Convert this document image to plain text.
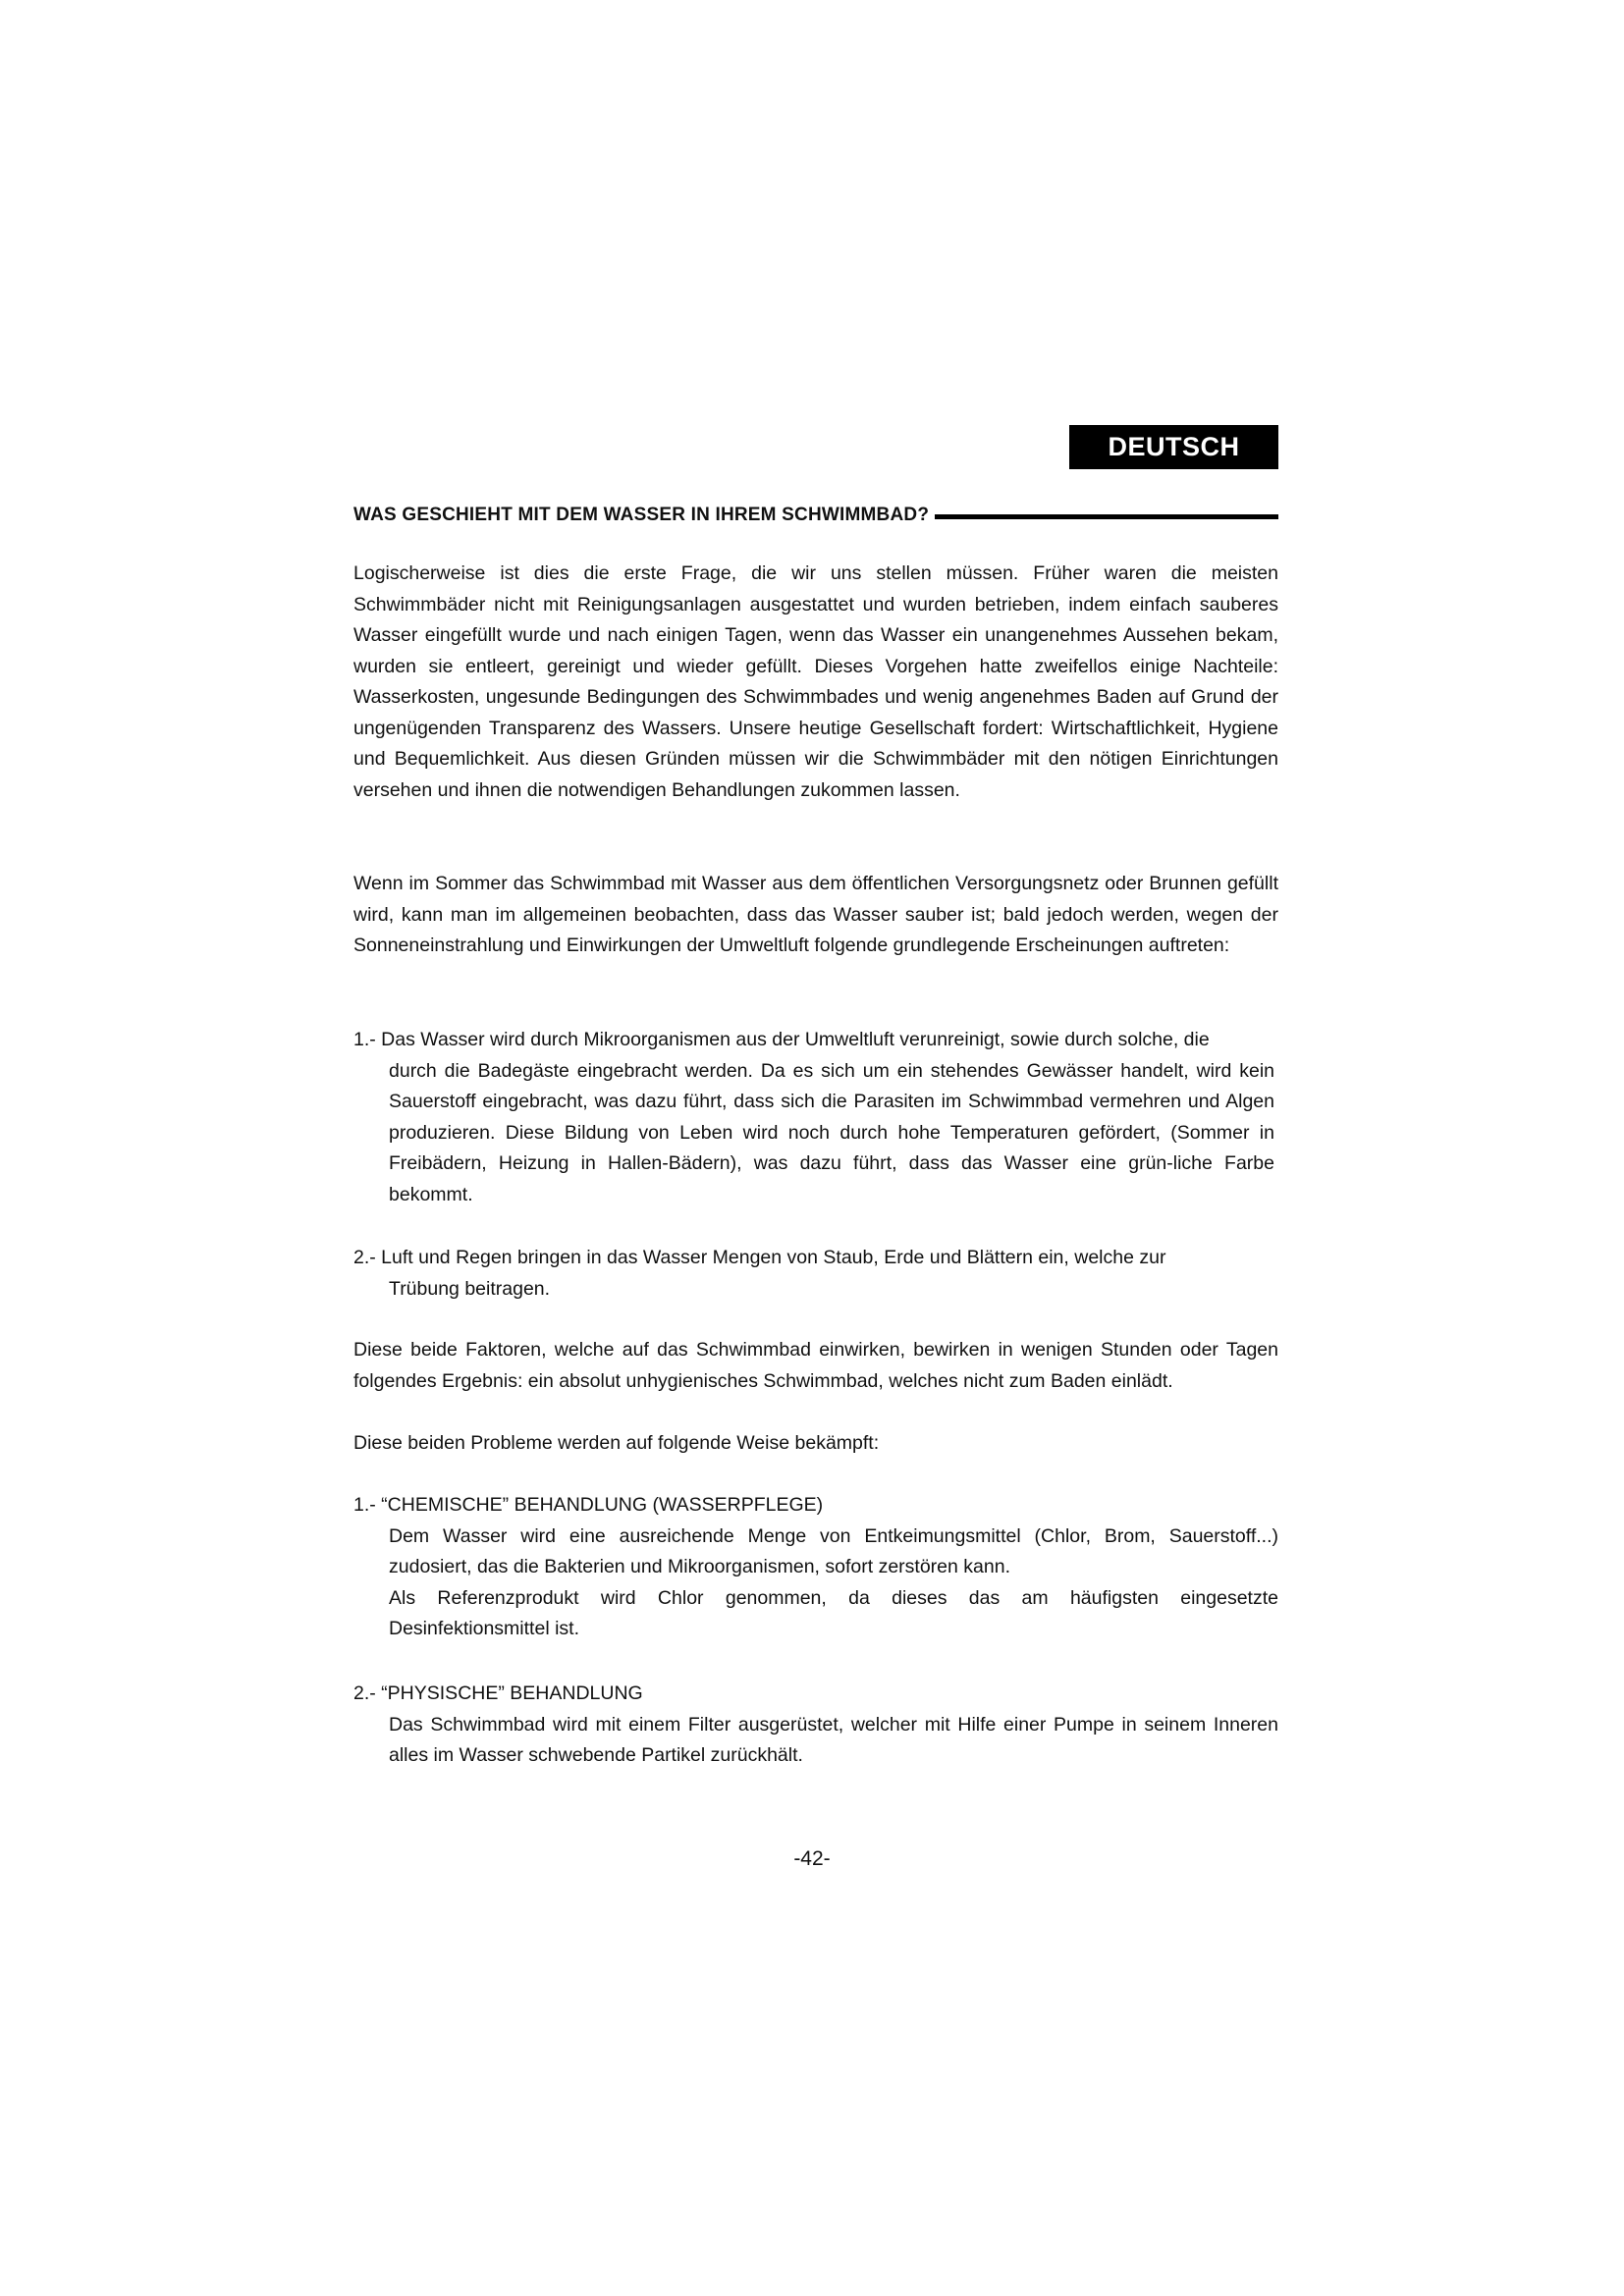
DEUTSCH
WAS GESCHIEHT MIT DEM WASSER IN IHREM SCHWIMMBAD?

Logischerweise ist dies die erste Frage, die wir uns stellen müssen. Früher waren die meisten Schwimmbäder nicht mit Reinigungsanlagen ausgestattet und wurden betrieben, indem einfach sauberes Wasser eingefüllt wurde und nach einigen Tagen, wenn das Wasser ein unangenehmes Aussehen bekam, wurden sie entleert, gereinigt und wieder gefüllt. Dieses Vorgehen hatte zweifellos einige Nachteile: Wasserkosten, ungesunde Bedingungen des Schwimmbades und wenig angenehmes Baden auf Grund der ungenügenden Transparenz des Wassers. Unsere heutige Gesellschaft fordert: Wirtschaftlichkeit, Hygiene und Bequemlichkeit. Aus diesen Gründen müssen wir die Schwimmbäder mit den nötigen Einrichtungen versehen und ihnen die notwendigen Behandlungen zukommen lassen.

Wenn im Sommer das Schwimmbad mit Wasser aus dem öffentlichen Versorgungsnetz oder Brunnen gefüllt wird, kann man im allgemeinen beobachten, dass das Wasser sauber ist; bald jedoch werden, wegen der Sonneneinstrahlung und Einwirkungen der Umweltluft folgende grundlegende Erscheinungen auftreten:

1.- Das Wasser wird durch Mikroorganismen aus der Umweltluft verunreinigt, sowie durch solche, die
durch die Badegäste eingebracht werden. Da es sich um ein stehendes Gewässer handelt, wird kein Sauerstoff eingebracht, was dazu führt, dass sich die Parasiten im Schwimmbad vermehren und Algen produzieren. Diese Bildung von Leben wird noch durch hohe Temperaturen gefördert, (Sommer in Freibädern, Heizung in Hallen-Bädern), was dazu führt, dass das Wasser eine grün-liche Farbe bekommt.
2.- Luft und Regen bringen in das Wasser Mengen von Staub, Erde und Blättern ein, welche zur
Trübung beitragen.

Diese beide Faktoren, welche auf das Schwimmbad einwirken, bewirken in wenigen Stunden oder Tagen folgendes Ergebnis: ein absolut unhygienisches Schwimmbad, welches nicht zum Baden einlädt.

Diese beiden Probleme werden auf folgende Weise bekämpft:

1.- “CHEMISCHE” BEHANDLUNG (WASSERPFLEGE)
Dem Wasser wird eine ausreichende Menge von Entkeimungsmittel (Chlor, Brom, Sauerstoff...) zudosiert, das die Bakterien und Mikroorganismen, sofort zerstören kann.
Als Referenzprodukt wird Chlor genommen, da dieses das am häufigsten eingesetzte Desinfektionsmittel ist.
2.- “PHYSISCHE” BEHANDLUNG
Das Schwimmbad wird mit einem Filter ausgerüstet, welcher mit Hilfe einer Pumpe in seinem Inneren alles im Wasser schwebende Partikel zurückhält.
-42-
